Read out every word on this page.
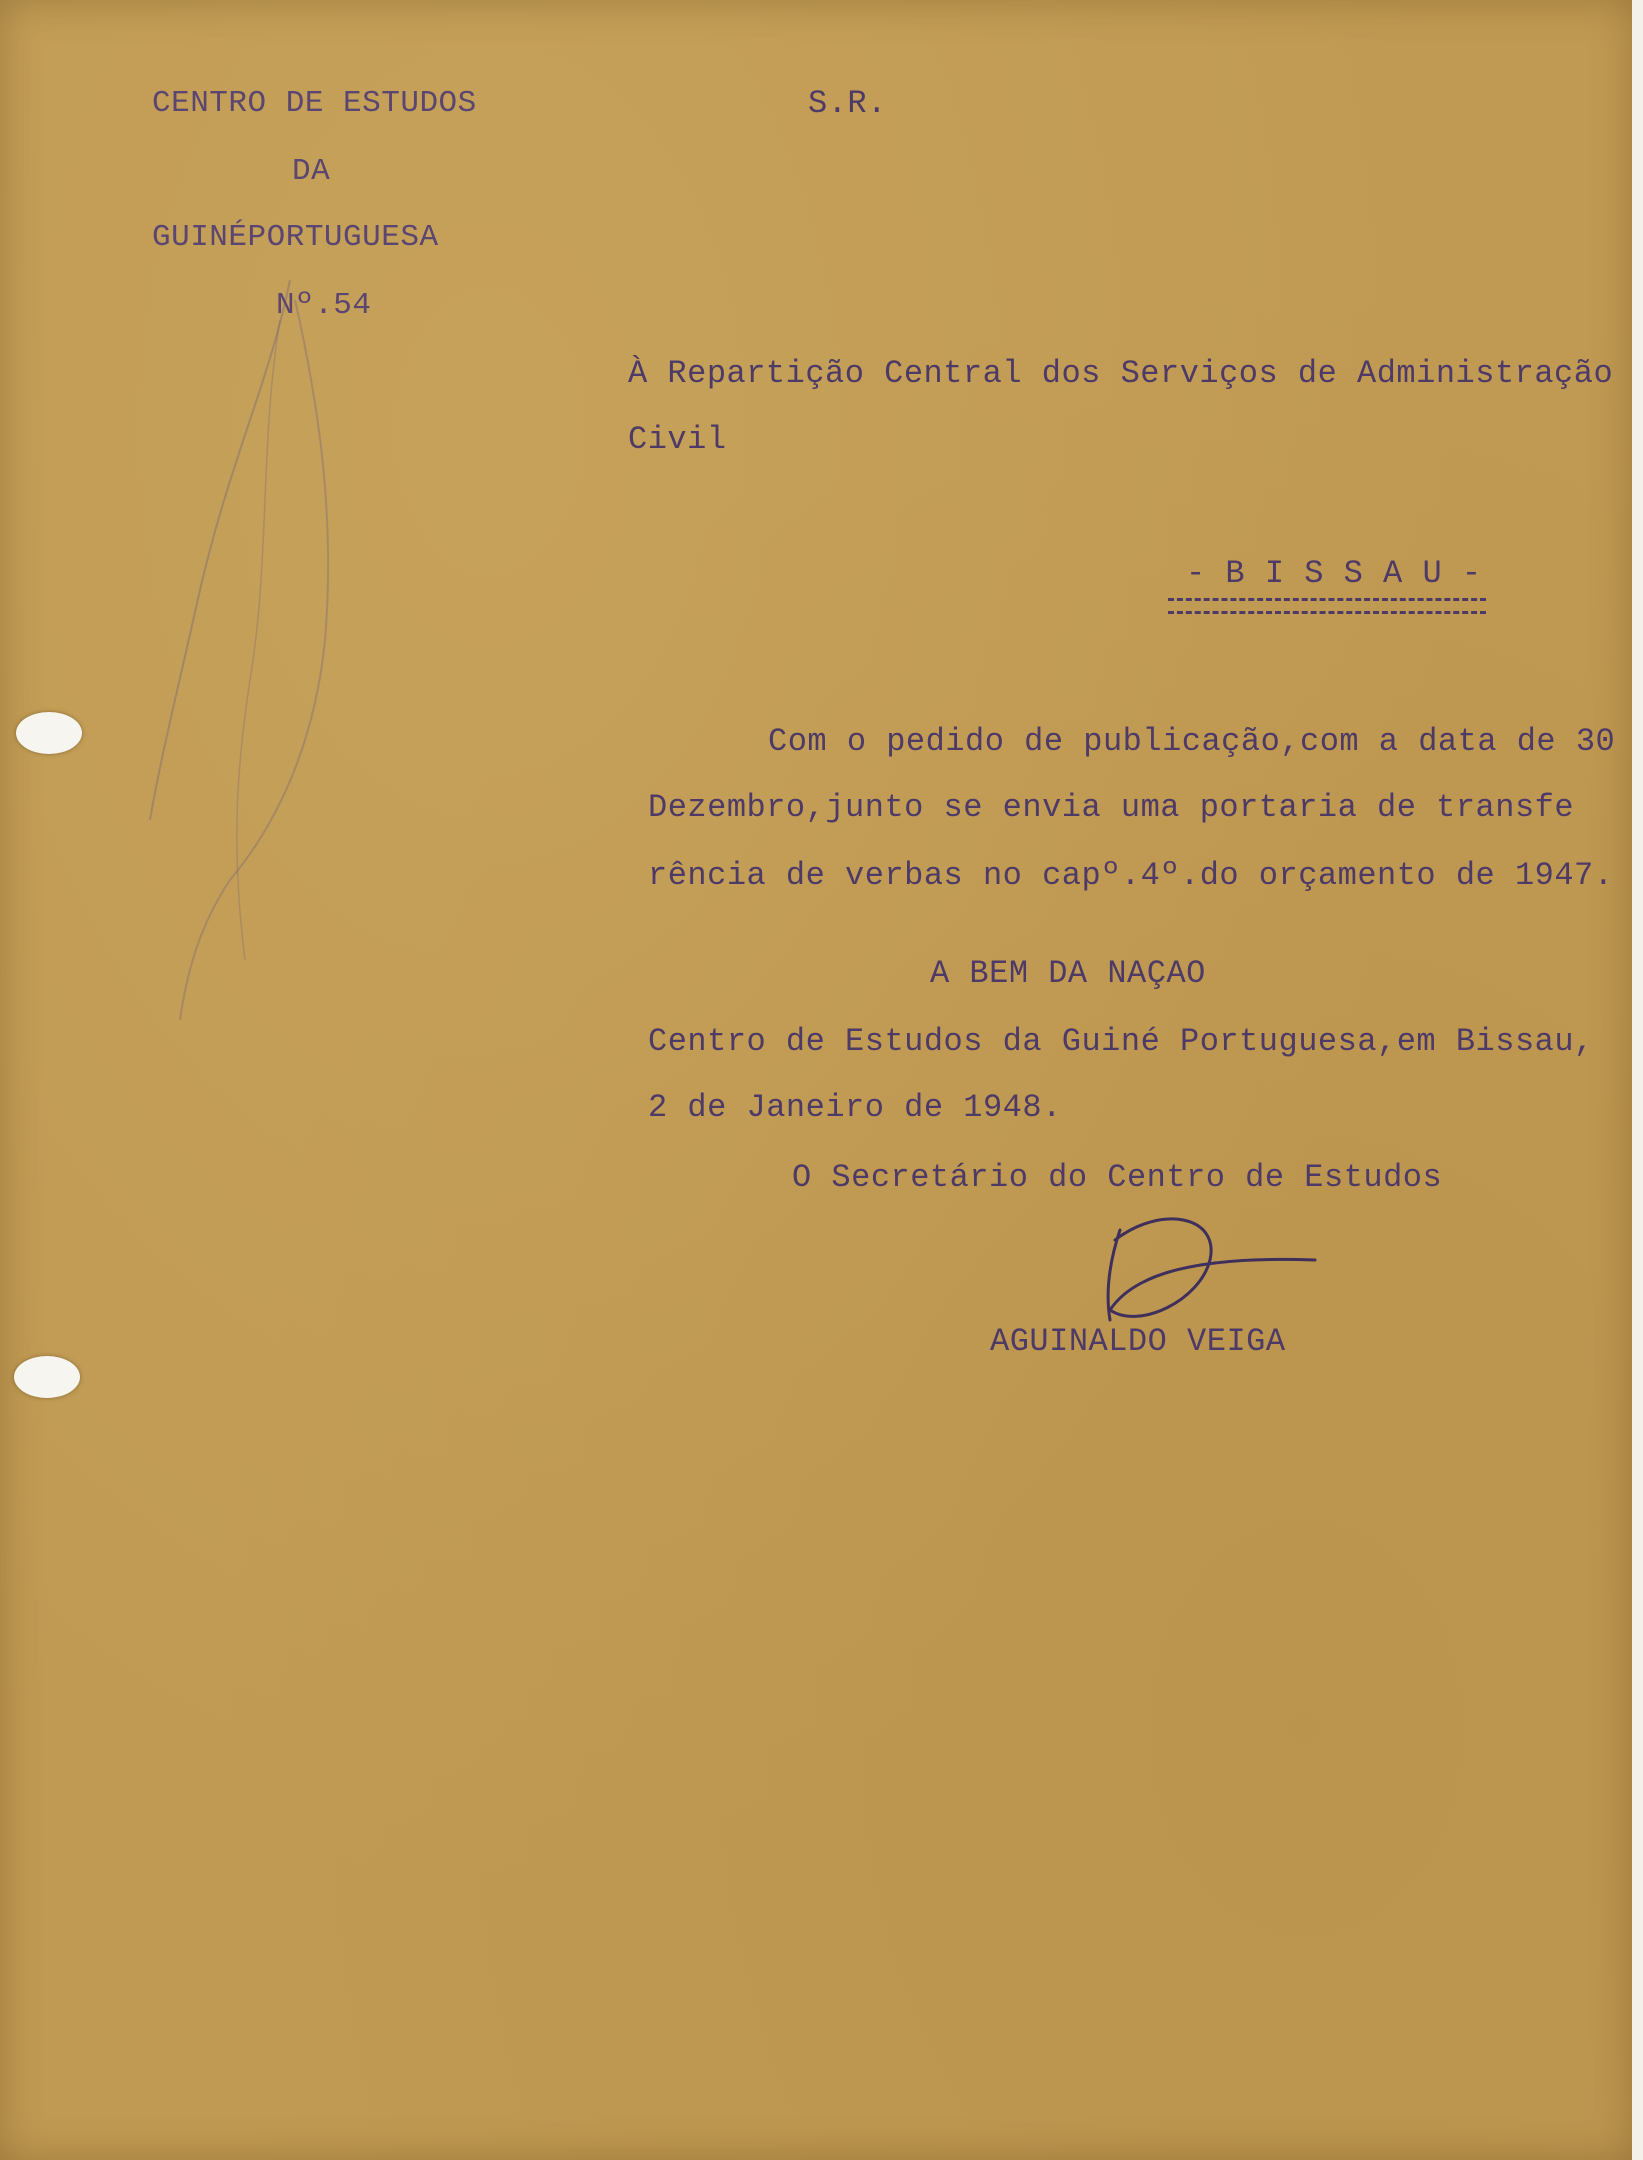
CENTRO DE ESTUDOS

DA

GUINÉPORTUGUESA

Nº.54

S.R.

À Repartição Central dos Serviços de Administração

Civil

- B I S S A U -

Com o pedido de publicação,com a data de 30

Dezembro,junto se envia uma portaria de transfe

rência de verbas no capº.4º.do orçamento de 1947.

A BEM DA NAÇAO

Centro de Estudos da Guiné Portuguesa,em Bissau,

2 de Janeiro de 1948.

O Secretário do Centro de Estudos

AGUINALDO VEIGA
